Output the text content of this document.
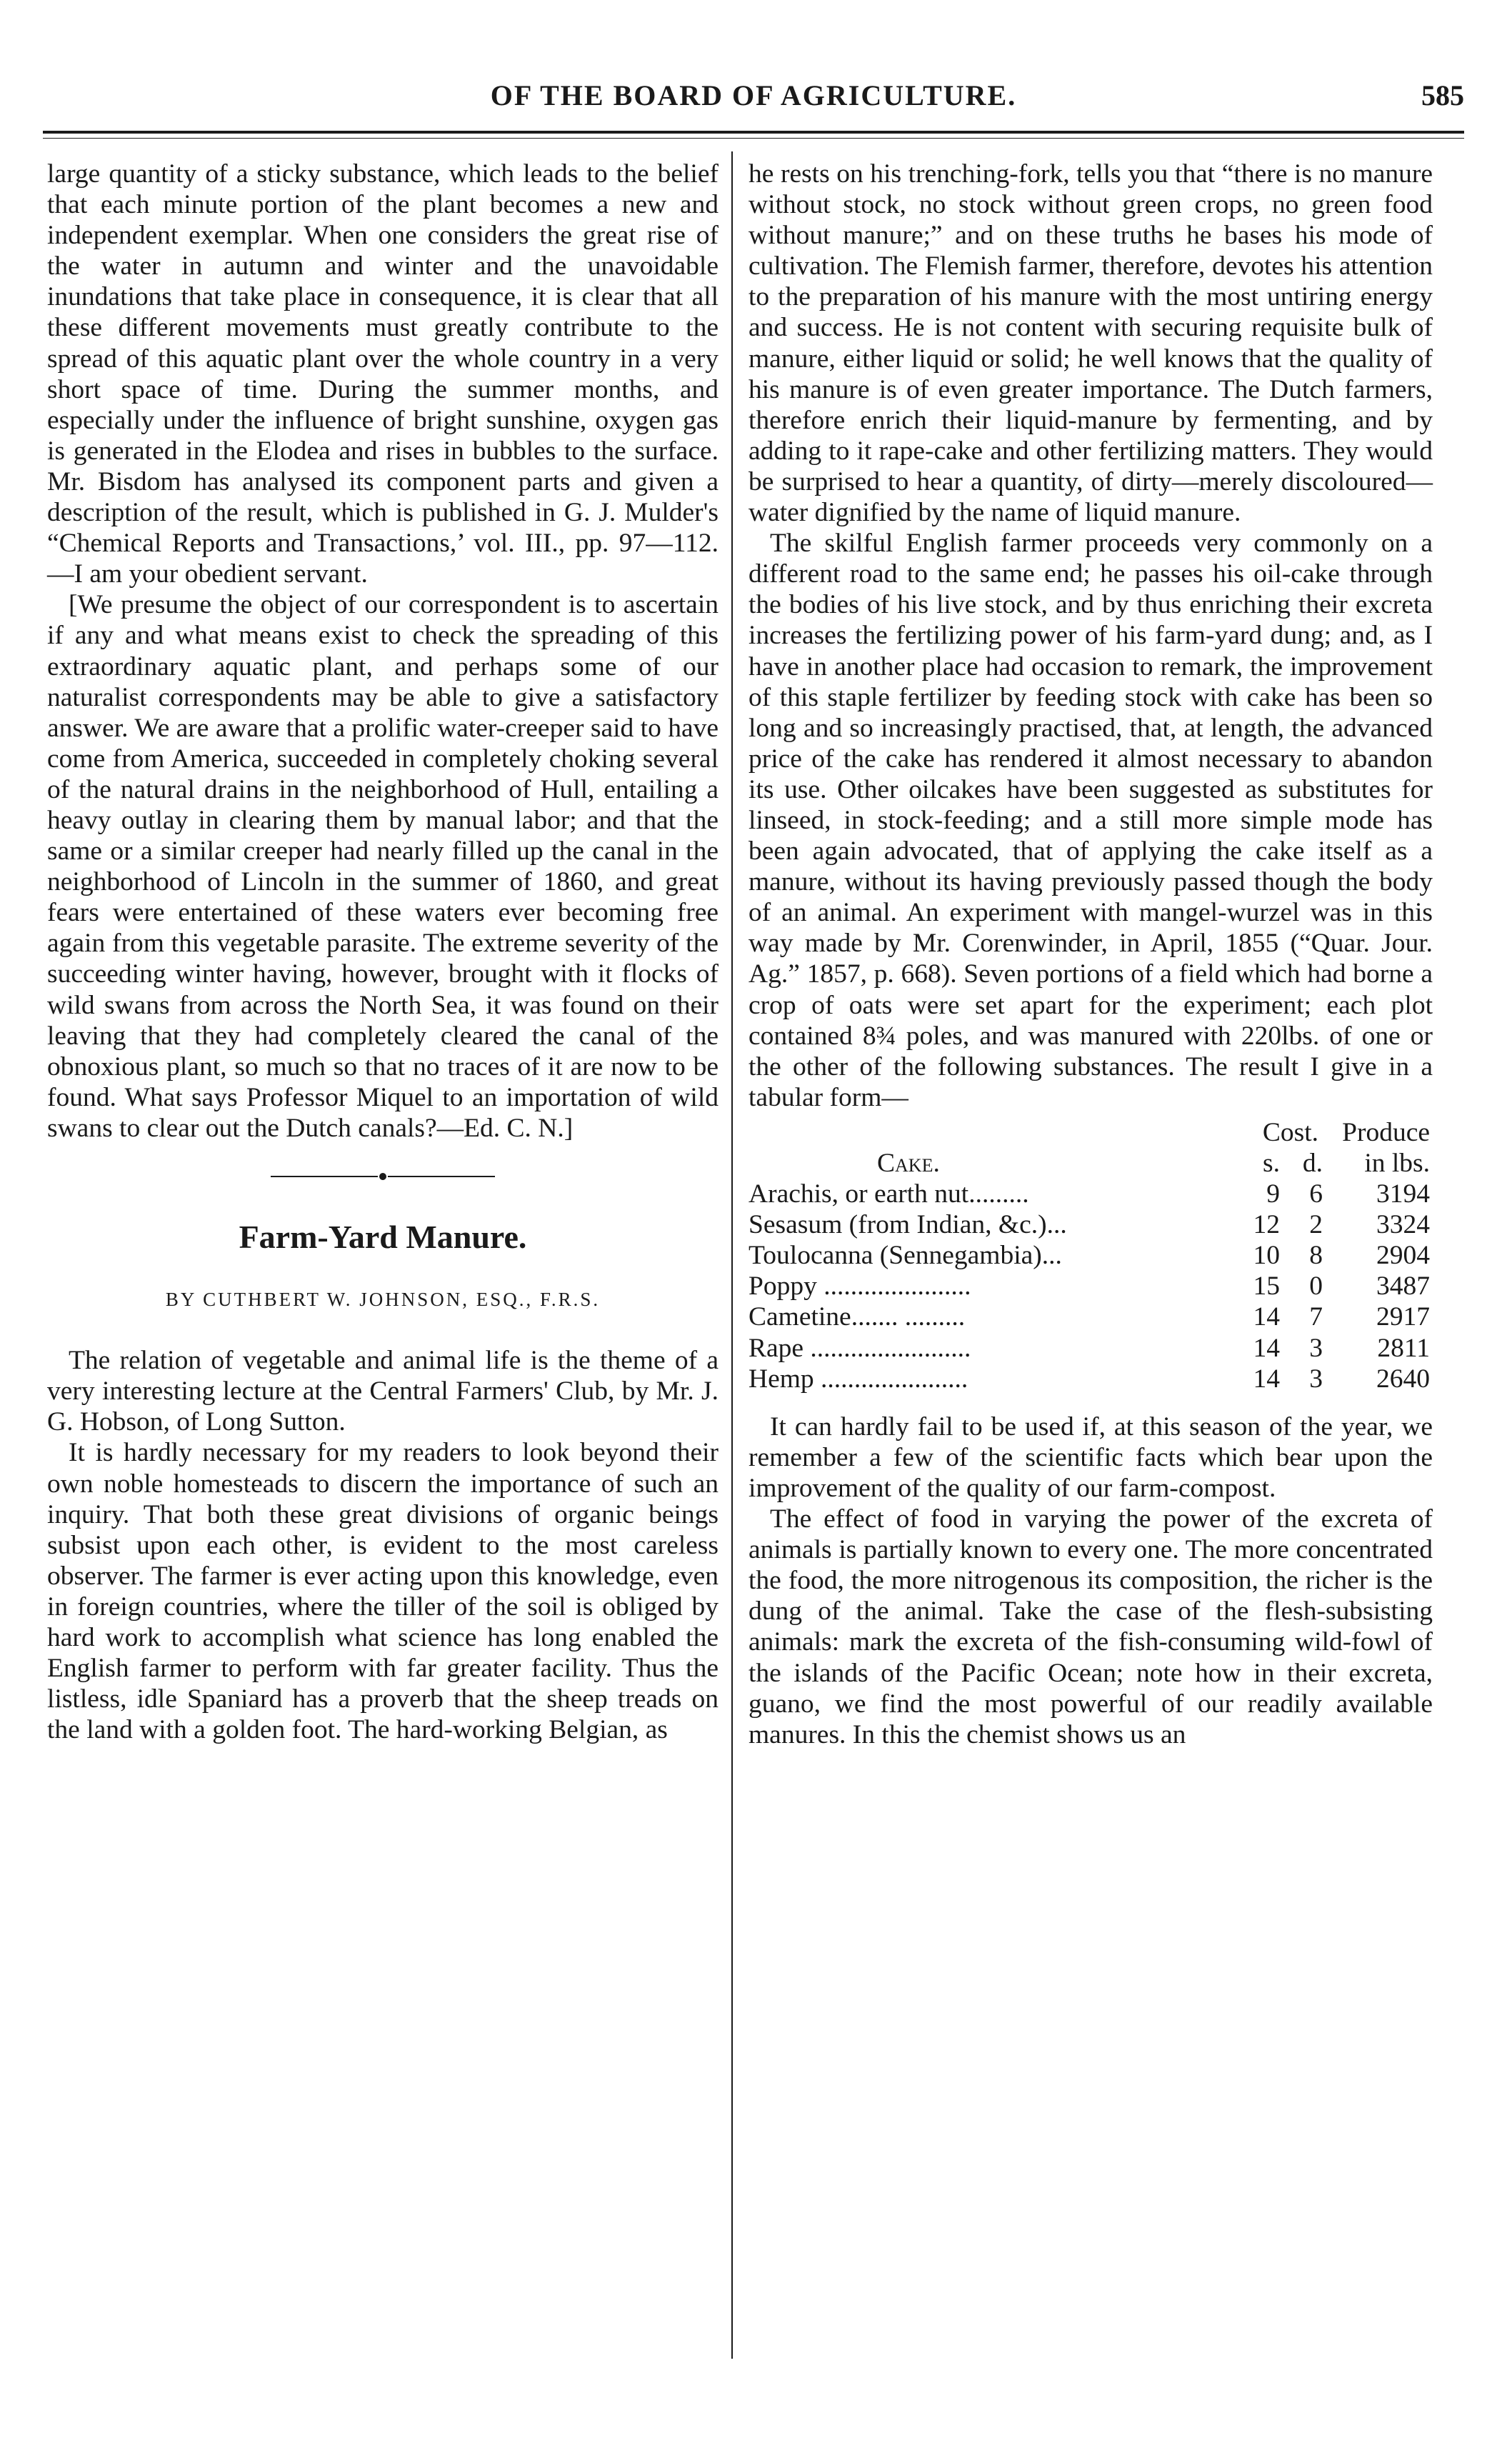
OF THE BOARD OF AGRICULTURE.	585

large quantity of a sticky substance, which leads to the belief that each minute portion of the plant becomes a new and independent exemplar. When one considers the great rise of the water in autumn and winter and the unavoidable inundations that take place in consequence, it is clear that all these different movements must greatly contribute to the spread of this aquatic plant over the whole country in a very short space of time. During the summer months, and especially under the influence of bright sunshine, oxygen gas is generated in the Elodea and rises in bubbles to the surface. Mr. Bisdom has analysed its component parts and given a description of the result, which is published in G. J. Mulder's “Chemical Reports and Transactions,’ vol. III., pp. 97—112.—I am your obedient servant.

[We presume the object of our correspondent is to ascertain if any and what means exist to check the spreading of this extraordinary aquatic plant, and perhaps some of our naturalist correspondents may be able to give a satisfactory answer. We are aware that a prolific water-creeper said to have come from America, succeeded in completely choking several of the natural drains in the neighborhood of Hull, entailing a heavy outlay in clearing them by manual labor; and that the same or a similar creeper had nearly filled up the canal in the neighborhood of Lincoln in the summer of 1860, and great fears were entertained of these waters ever becoming free again from this vegetable parasite. The extreme severity of the succeeding winter having, however, brought with it flocks of wild swans from across the North Sea, it was found on their leaving that they had completely cleared the canal of the obnoxious plant, so much so that no traces of it are now to be found. What says Professor Miquel to an importation of wild swans to clear out the Dutch canals?—Ed. C. N.]

Farm-Yard Manure.
BY CUTHBERT W. JOHNSON, ESQ., F.R.S.

The relation of vegetable and animal life is the theme of a very interesting lecture at the Central Farmers' Club, by Mr. J. G. Hobson, of Long Sutton.

It is hardly necessary for my readers to look beyond their own noble homesteads to discern the importance of such an inquiry. That both these great divisions of organic beings subsist upon each other, is evident to the most careless observer. The farmer is ever acting upon this knowledge, even in foreign countries, where the tiller of the soil is obliged by hard work to accomplish what science has long enabled the English farmer to perform with far greater facility. Thus the listless, idle Spaniard has a proverb that the sheep treads on the land with a golden foot. The hard-working Belgian, as

he rests on his trenching-fork, tells you that “there is no manure without stock, no stock without green crops, no green food without manure;” and on these truths he bases his mode of cultivation. The Flemish farmer, therefore, devotes his attention to the preparation of his manure with the most untiring energy and success. He is not content with securing requisite bulk of manure, either liquid or solid; he well knows that the quality of his manure is of even greater importance. The Dutch farmers, therefore enrich their liquid-manure by fermenting, and by adding to it rape-cake and other fertilizing matters. They would be surprised to hear a quantity, of dirty—merely discoloured—water dignified by the name of liquid manure.

The skilful English farmer proceeds very commonly on a different road to the same end; he passes his oil-cake through the bodies of his live stock, and by thus enriching their excreta increases the fertilizing power of his farm-yard dung; and, as I have in another place had occasion to remark, the improvement of this staple fertilizer by feeding stock with cake has been so long and so increasingly practised, that, at length, the advanced price of the cake has rendered it almost necessary to abandon its use. Other oilcakes have been suggested as substitutes for linseed, in stock-feeding; and a still more simple mode has been again advocated, that of applying the cake itself as a manure, without its having previously passed though the body of an animal. An experiment with mangel-wurzel was in this way made by Mr. Corenwinder, in April, 1855 (“Quar. Jour. Ag.” 1857, p. 668). Seven portions of a field which had borne a crop of oats were set apart for the experiment; each plot contained 8¾ poles, and was manured with 220lbs. of one or the other of the following substances. The result I give in a tabular form—

	Cost.		Produce
Cake.	s.	d.	in lbs.
Arachis, or earth nut.........	9	6	3194
Sesasum (from Indian, &c.)...	12	2	3324
Toulocanna (Sennegambia)...	10	8	2904
Poppy ......................	15	0	3487
Cametine....... .........	14	7	2917
Rape ........................	14	3	2811
Hemp ......................	14	3	2640

It can hardly fail to be used if, at this season of the year, we remember a few of the scientific facts which bear upon the improvement of the quality of our farm-compost.

The effect of food in varying the power of the excreta of animals is partially known to every one. The more concentrated the food, the more nitrogenous its composition, the richer is the dung of the animal. Take the case of the flesh-subsisting animals: mark the excreta of the fish-consuming wild-fowl of the islands of the Pacific Ocean; note how in their excreta, guano, we find the most powerful of our readily available manures. In this the chemist shows us an
